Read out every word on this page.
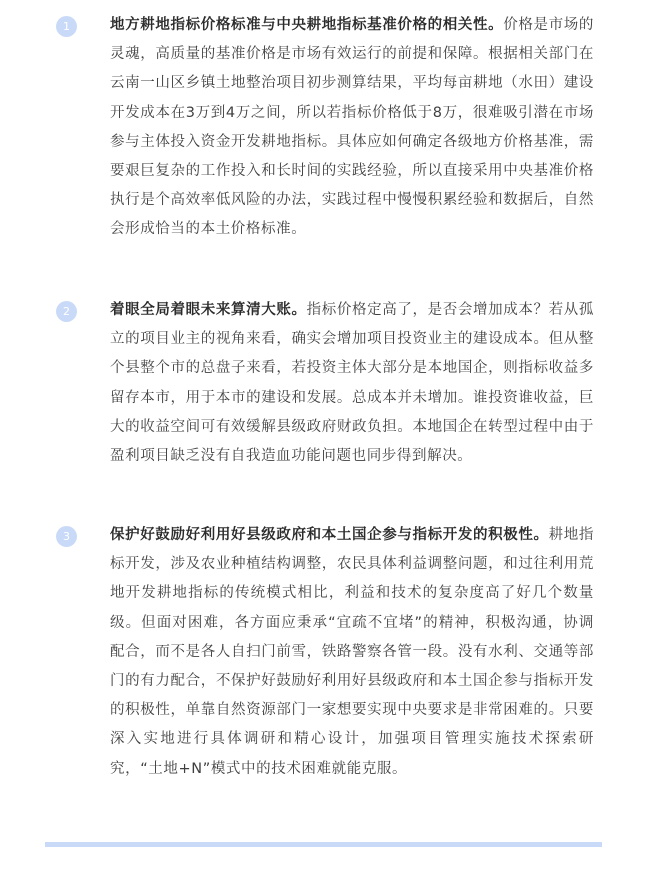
1	地方耕地指标价格标准与中央耕地指标基准价格的相关性。价格是市场的灵魂，高质量的基准价格是市场有效运行的前提和保障。根据相关部门在云南一山区乡镇土地整治项目初步测算结果，平均每亩耕地（水田）建设开发成本在3万到4万之间，所以若指标价格低于8万，很难吸引潜在市场参与主体投入资金开发耕地指标。具体应如何确定各级地方价格基准，需要艰巨复杂的工作投入和长时间的实践经验，所以直接采用中央基准价格执行是个高效率低风险的办法，实践过程中慢慢积累经验和数据后，自然会形成恰当的本土价格标准。

2	着眼全局着眼未来算清大账。指标价格定高了，是否会增加成本？若从孤立的项目业主的视角来看，确实会增加项目投资业主的建设成本。但从整个县整个市的总盘子来看，若投资主体大部分是本地国企，则指标收益多留存本市，用于本市的建设和发展。总成本并未增加。谁投资谁收益，巨大的收益空间可有效缓解县级政府财政负担。本地国企在转型过程中由于盈利项目缺乏没有自我造血功能问题也同步得到解决。

3	保护好鼓励好利用好县级政府和本土国企参与指标开发的积极性。耕地指标开发，涉及农业种植结构调整，农民具体利益调整问题，和过往利用荒地开发耕地指标的传统模式相比，利益和技术的复杂度高了好几个数量级。但面对困难，各方面应秉承“宜疏不宜堵”的精神，积极沟通，协调配合，而不是各人自扫门前雪，铁路警察各管一段。没有水利、交通等部门的有力配合，不保护好鼓励好利用好县级政府和本土国企参与指标开发的积极性，单靠自然资源部门一家想要实现中央要求是非常困难的。只要深入实地进行具体调研和精心设计，加强项目管理实施技术探索研究，“土地+N”模式中的技术困难就能克服。
